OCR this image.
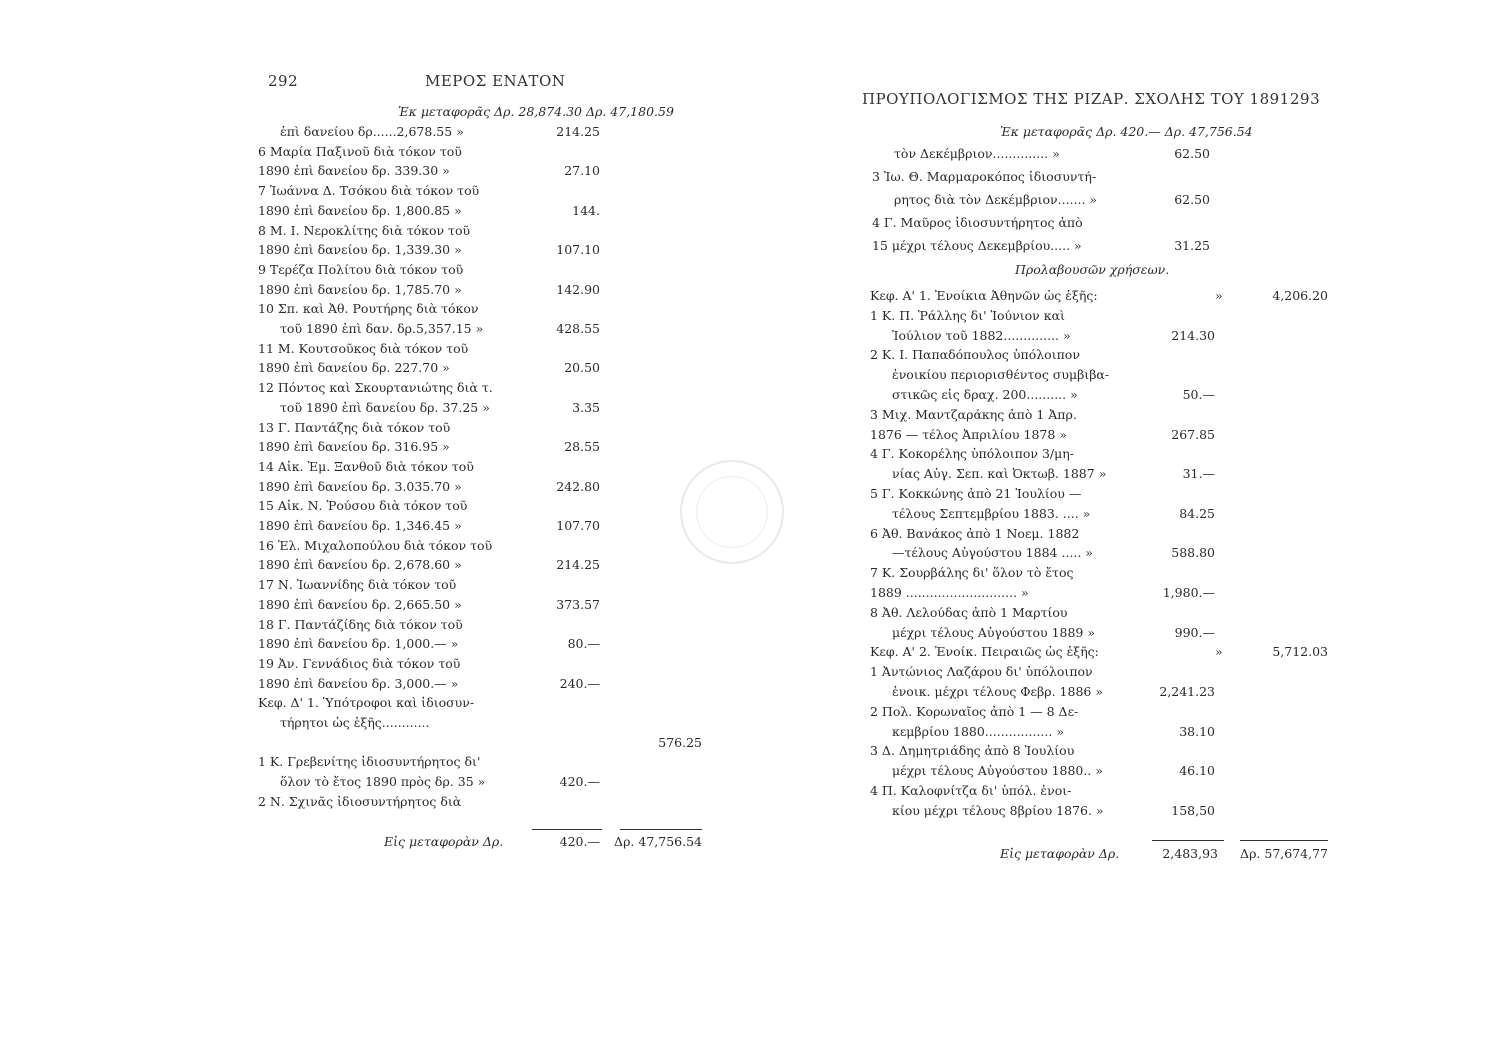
292	ΜΕΡΟΣ ΕΝΑΤΟΝ
Ἐκ μεταφορᾶς Δρ. 28,874.30 Δρ. 47,180.59
ἐπὶ δανείου δρ......2,678.55 »	214.25
6 Μαρία Παξινοῦ διὰ τόκον τοῦ
1890 ἐπὶ δανείου δρ. 339.30 »	27.10
7 Ἰωάννα Δ. Τσόκου διὰ τόκον τοῦ
1890 ἐπὶ δανείου δρ. 1,800.85 »	144.
8 Μ. Ι. Νεροκλίτης διὰ τόκον τοῦ
1890 ἐπὶ δανείου δρ. 1,339.30 »	107.10
9 Τερέζα Πολίτου διὰ τόκον τοῦ
1890 ἐπὶ δανείου δρ. 1,785.70 »	142.90
10 Σπ. καὶ Ἀθ. Ρουτήρης διὰ τόκον
τοῦ 1890 ἐπὶ δαν. δρ.5,357.15 »	428.55
11 Μ. Κουτσοῦκος διὰ τόκον τοῦ
1890 ἐπὶ δανείου δρ. 227.70 »	20.50
12 Πόντος καὶ Σκουρτανιώτης διὰ τ.
τοῦ 1890 ἐπὶ δανείου δρ. 37.25 »	3.35
13 Γ. Παντάζης διὰ τόκον τοῦ
1890 ἐπὶ δανείου δρ. 316.95 »	28.55
14 Αἰκ. Ἑμ. Ξανθοῦ διὰ τόκον τοῦ
1890 ἐπὶ δανείου δρ. 3.035.70 »	242.80
15 Αἰκ. Ν. Ῥούσου διὰ τόκον τοῦ
1890 ἐπὶ δανείου δρ. 1,346.45 »	107.70
16 Ἐλ. Μιχαλοπούλου διὰ τόκον τοῦ
1890 ἐπὶ δανείου δρ. 2,678.60 »	214.25
17 Ν. Ἰωαννίδης διὰ τόκον τοῦ
1890 ἐπὶ δανείου δρ. 2,665.50 »	373.57
18 Γ. Παντάζίδης διὰ τόκον τοῦ
1890 ἐπὶ δανείου δρ. 1,000.— »	80.—
19 Ἀν. Γεννάδιος διὰ τόκον τοῦ
1890 ἐπὶ δανείου δρ. 3,000.— »	240.—
Κεφ. Δ' 1. Ὑπότροφοι καὶ ἰδιοσυν-
τήρητοι ὡς ἑξῆς............
576.25
1 Κ. Γρεβενίτης ἰδιοσυντήρητος δι'
ὅλον τὸ ἔτος 1890 πρὸς δρ. 35 »	420.—
2 Ν. Σχινᾶς ἰδιοσυντήρητος διὰ
Εἰς μεταφορὰν Δρ.	420.—	Δρ. 47,756.54
ΠΡΟΥΠΟΛΟΓΙΣΜΟΣ ΤΗΣ ΡΙΖΑΡ. ΣΧΟΛΗΣ ΤΟΥ 1891 293
Ἐκ μεταφορᾶς Δρ. 420.— Δρ. 47,756.54
τὸν Δεκέμβριον.............. »	62.50
3 Ἰω. Θ. Μαρμαροκόπος ἰδιοσυντή-
ρητος διὰ τὸν Δεκέμβριον....... »	62.50
4 Γ. Μαῦρος ἰδιοσυντήρητος ἀπὸ
15 μέχρι τέλους Δεκεμβρίου..... »	31.25
Προλαβουσῶν χρήσεων.
Κεφ. Α' 1. Ἐνοίκια Ἀθηνῶν ὡς ἑξῆς:	»	4,206.20
1 Κ. Π. Ῥάλλης δι' Ἰούνιον καὶ
Ἰούλιον τοῦ 1882.............. »	214.30
2 Κ. Ι. Παπαδόπουλος ὑπόλοιπον
ἐνοικίου περιορισθέντος συμβιβα-
στικῶς εἰς δραχ. 200.......... »	50.—
3 Μιχ. Μαντζαράκης ἀπὸ 1 Ἀπρ.
1876 — τέλος Ἀπριλίου 1878 »	267.85
4 Γ. Κοκορέλης ὑπόλοιπον 3/μη-
νίας Αὐγ. Σεπ. καὶ Ὀκτωβ. 1887 »	31.—
5 Γ. Κοκκώνης ἀπὸ 21 Ἰουλίου —
τέλους Σεπτεμβρίου 1883. .... »	84.25
6 Ἀθ. Βανάκος ἀπὸ 1 Νοεμ. 1882
—τέλους Αὐγούστου 1884 ..... »	588.80
7 Κ. Σουρβάλης δι' ὅλον τὸ ἔτος
1889 ............................ »	1,980.—
8 Ἀθ. Λελούδας ἀπὸ 1 Μαρτίου
μέχρι τέλους Αὐγούστου 1889 »	990.—
Κεφ. Α' 2. Ἐνοίκ. Πειραιῶς ὡς ἑξῆς:	»	5,712.03
1 Ἀντώνιος Λαζάρου δι' ὑπόλοιπον
ἐνοικ. μέχρι τέλους Φεβρ. 1886 »	2,241.23
2 Πολ. Κορωναῖος ἀπὸ 1 — 8 Δε-
κεμβρίου 1880................. »	38.10
3 Δ. Δημητριάδης ἀπὸ 8 Ἰουλίου
μέχρι τέλους Αὐγούστου 1880.. »	46.10
4 Π. Καλοφνίτζα δι' ὑπόλ. ἐνοι-
κίου μέχρι τέλους 8βρίου 1876. »	158,50
Εἰς μεταφορὰν Δρ.	2,483,93	Δρ. 57,674,77
